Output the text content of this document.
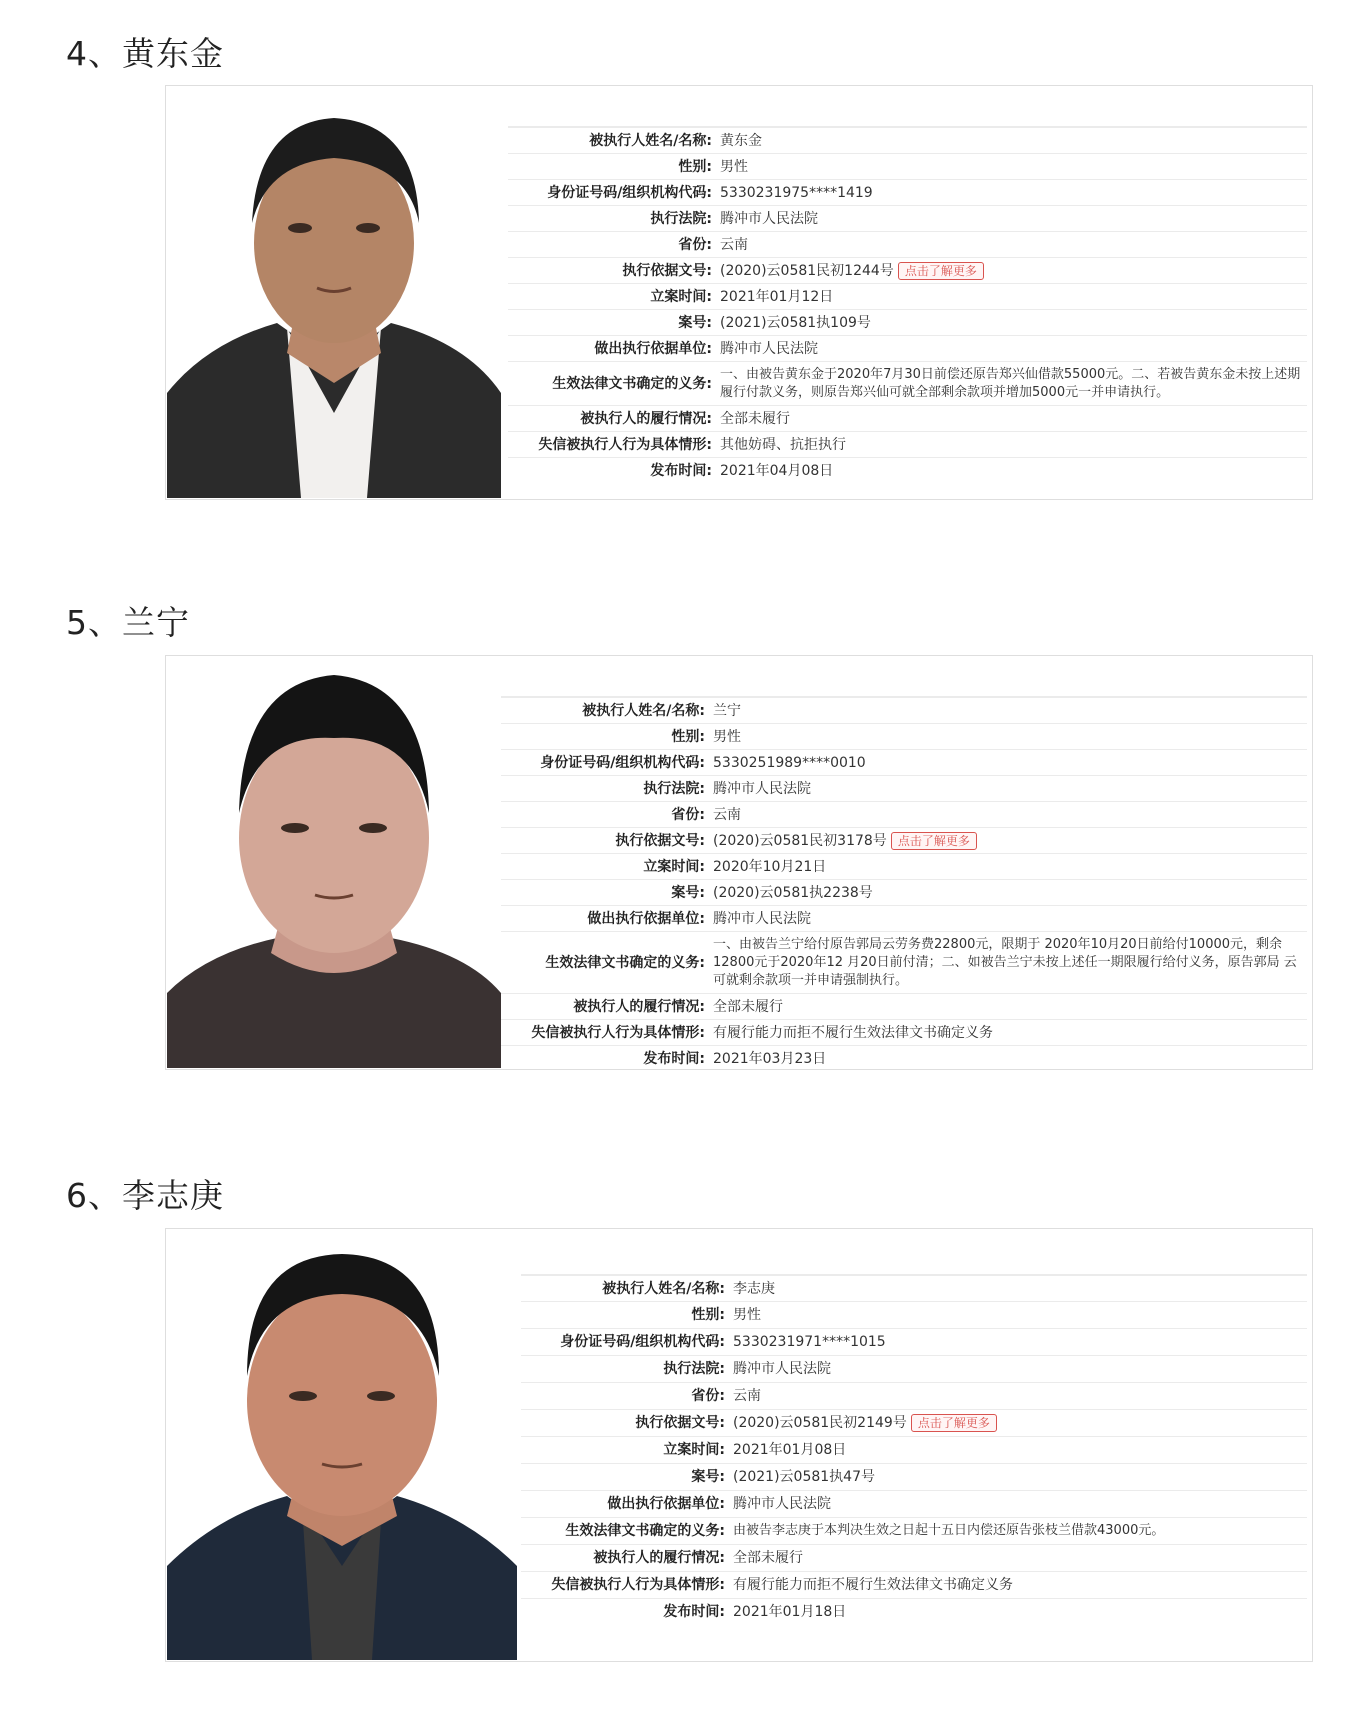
4、黄东金
被执行人姓名/名称: 黄东金
性别: 男性
身份证号码/组织机构代码: 5330231975****1419
执行法院: 腾冲市人民法院
省份: 云南
执行依据文号: (2020)云0581民初1244号 点击了解更多
立案时间: 2021年01月12日
案号: (2021)云0581执109号
做出执行依据单位: 腾冲市人民法院
生效法律文书确定的义务:
一、由被告黄东金于2020年7月30日前偿还原告郑兴仙借款55000元。二、若被告黄东金未按上述期履行付款义务，则原告郑兴仙可就全部剩余款项并增加5000元一并申请执行。
被执行人的履行情况: 全部未履行
失信被执行人行为具体情形: 其他妨碍、抗拒执行
发布时间: 2021年04月08日
5、兰宁
被执行人姓名/名称: 兰宁
性别: 男性
身份证号码/组织机构代码: 5330251989****0010
执行法院: 腾冲市人民法院
省份: 云南
执行依据文号: (2020)云0581民初3178号 点击了解更多
立案时间: 2020年10月21日
案号: (2020)云0581执2238号
做出执行依据单位: 腾冲市人民法院
生效法律文书确定的义务:
一、由被告兰宁给付原告郭局云劳务费22800元，限期于 2020年10月20日前给付10000元，剩余12800元于2020年12 月20日前付清；二、如被告兰宁未按上述任一期限履行给付义务，原告郭局 云可就剩余款项一并申请强制执行。
被执行人的履行情况: 全部未履行
失信被执行人行为具体情形: 有履行能力而拒不履行生效法律文书确定义务
发布时间: 2021年03月23日
6、李志庚
被执行人姓名/名称: 李志庚
性别: 男性
身份证号码/组织机构代码: 5330231971****1015
执行法院: 腾冲市人民法院
省份: 云南
执行依据文号: (2020)云0581民初2149号 点击了解更多
立案时间: 2021年01月08日
案号: (2021)云0581执47号
做出执行依据单位: 腾冲市人民法院
生效法律文书确定的义务: 由被告李志庚于本判决生效之日起十五日内偿还原告张枝兰借款43000元。
被执行人的履行情况: 全部未履行
失信被执行人行为具体情形: 有履行能力而拒不履行生效法律文书确定义务
发布时间: 2021年01月18日
